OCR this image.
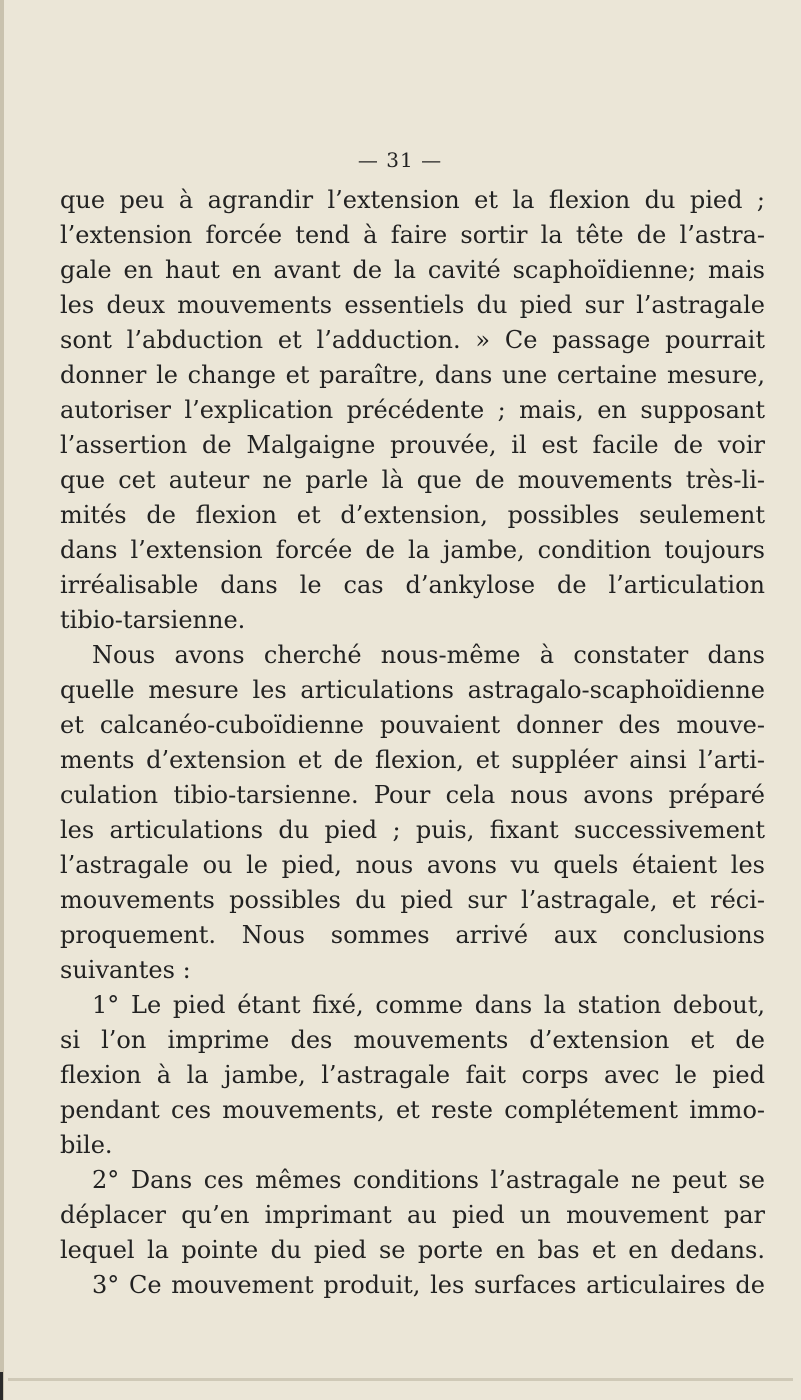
— 31 —
que peu à agrandir l’extension et la flexion du pied ;
l’extension forcée tend à faire sortir la tête de l’astra-
gale en haut en avant de la cavité scaphoïdienne; mais
les deux mouvements essentiels du pied sur l’astragale
sont l’abduction et l’adduction. » Ce passage pourrait
donner le change et paraître, dans une certaine mesure,
autoriser l’explication précédente ; mais, en supposant
l’assertion de Malgaigne prouvée, il est facile de voir
que cet auteur ne parle là que de mouvements très-li-
mités de flexion et d’extension, possibles seulement
dans l’extension forcée de la jambe, condition toujours
irréalisable dans le cas d’ankylose de l’articulation
tibio-tarsienne.
Nous avons cherché nous-même à constater dans
quelle mesure les articulations astragalo-scaphoïdienne
et calcanéo-cuboïdienne pouvaient donner des mouve-
ments d’extension et de flexion, et suppléer ainsi l’arti-
culation tibio-tarsienne. Pour cela nous avons préparé
les articulations du pied ; puis, fixant successivement
l’astragale ou le pied, nous avons vu quels étaient les
mouvements possibles du pied sur l’astragale, et réci-
proquement. Nous sommes arrivé aux conclusions
suivantes :
1° Le pied étant fixé, comme dans la station debout,
si l’on imprime des mouvements d’extension et de
flexion à la jambe, l’astragale fait corps avec le pied
pendant ces mouvements, et reste complétement immo-
bile.
2° Dans ces mêmes conditions l’astragale ne peut se
déplacer qu’en imprimant au pied un mouvement par
lequel la pointe du pied se porte en bas et en dedans.
3° Ce mouvement produit, les surfaces articulaires de
